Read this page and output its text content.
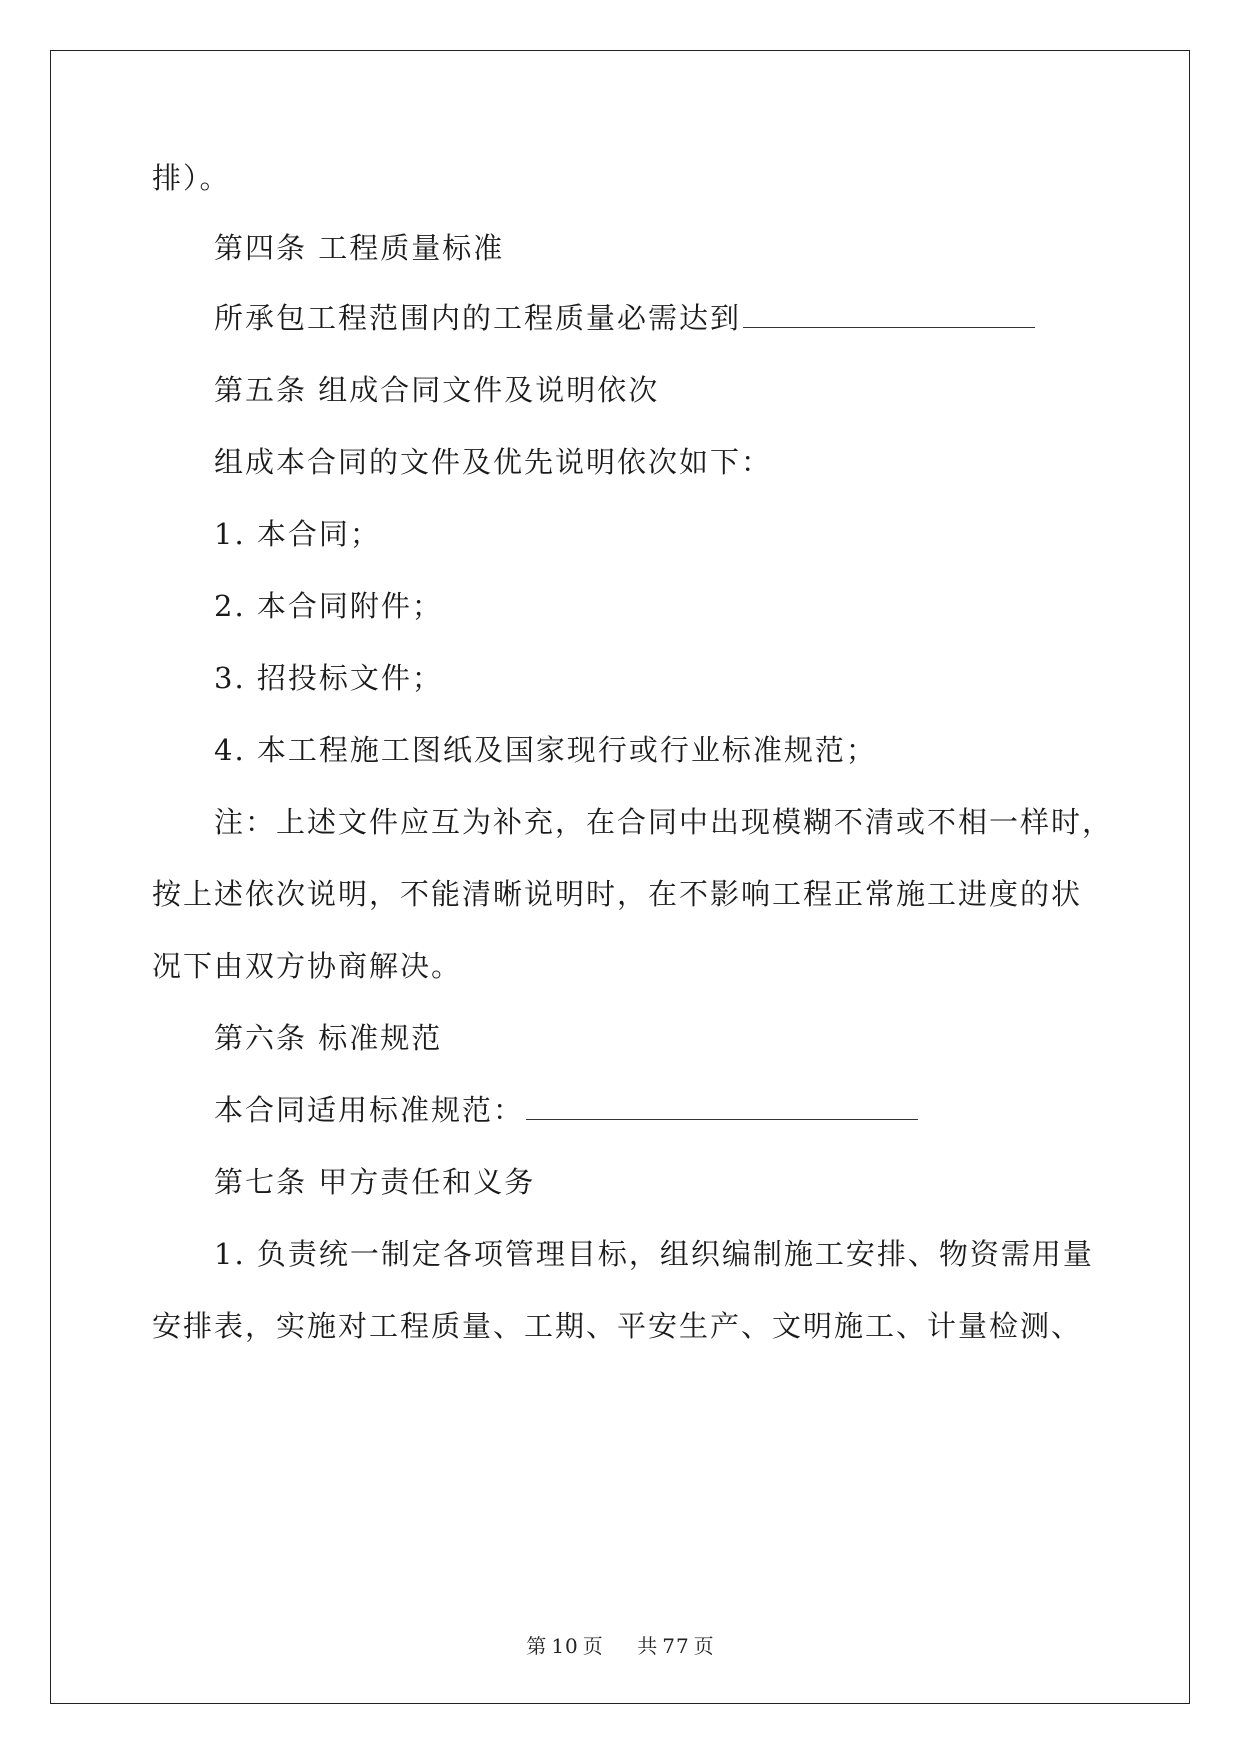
排）。
第四条 工程质量标准
所承包工程范围内的工程质量必需达到
第五条 组成合同文件及说明依次
组成本合同的文件及优先说明依次如下：
1. 本合同；
2. 本合同附件；
3. 招投标文件；
4. 本工程施工图纸及国家现行或行业标准规范；
注：上述文件应互为补充，在合同中出现模糊不清或不相一样时，
按上述依次说明，不能清晰说明时，在不影响工程正常施工进度的状
况下由双方协商解决。
第六条 标准规范
本合同适用标准规范：
第七条 甲方责任和义务
1. 负责统一制定各项管理目标，组织编制施工安排、物资需用量
安排表，实施对工程质量、工期、平安生产、文明施工、计量检测、
第 10 页 共 77 页
